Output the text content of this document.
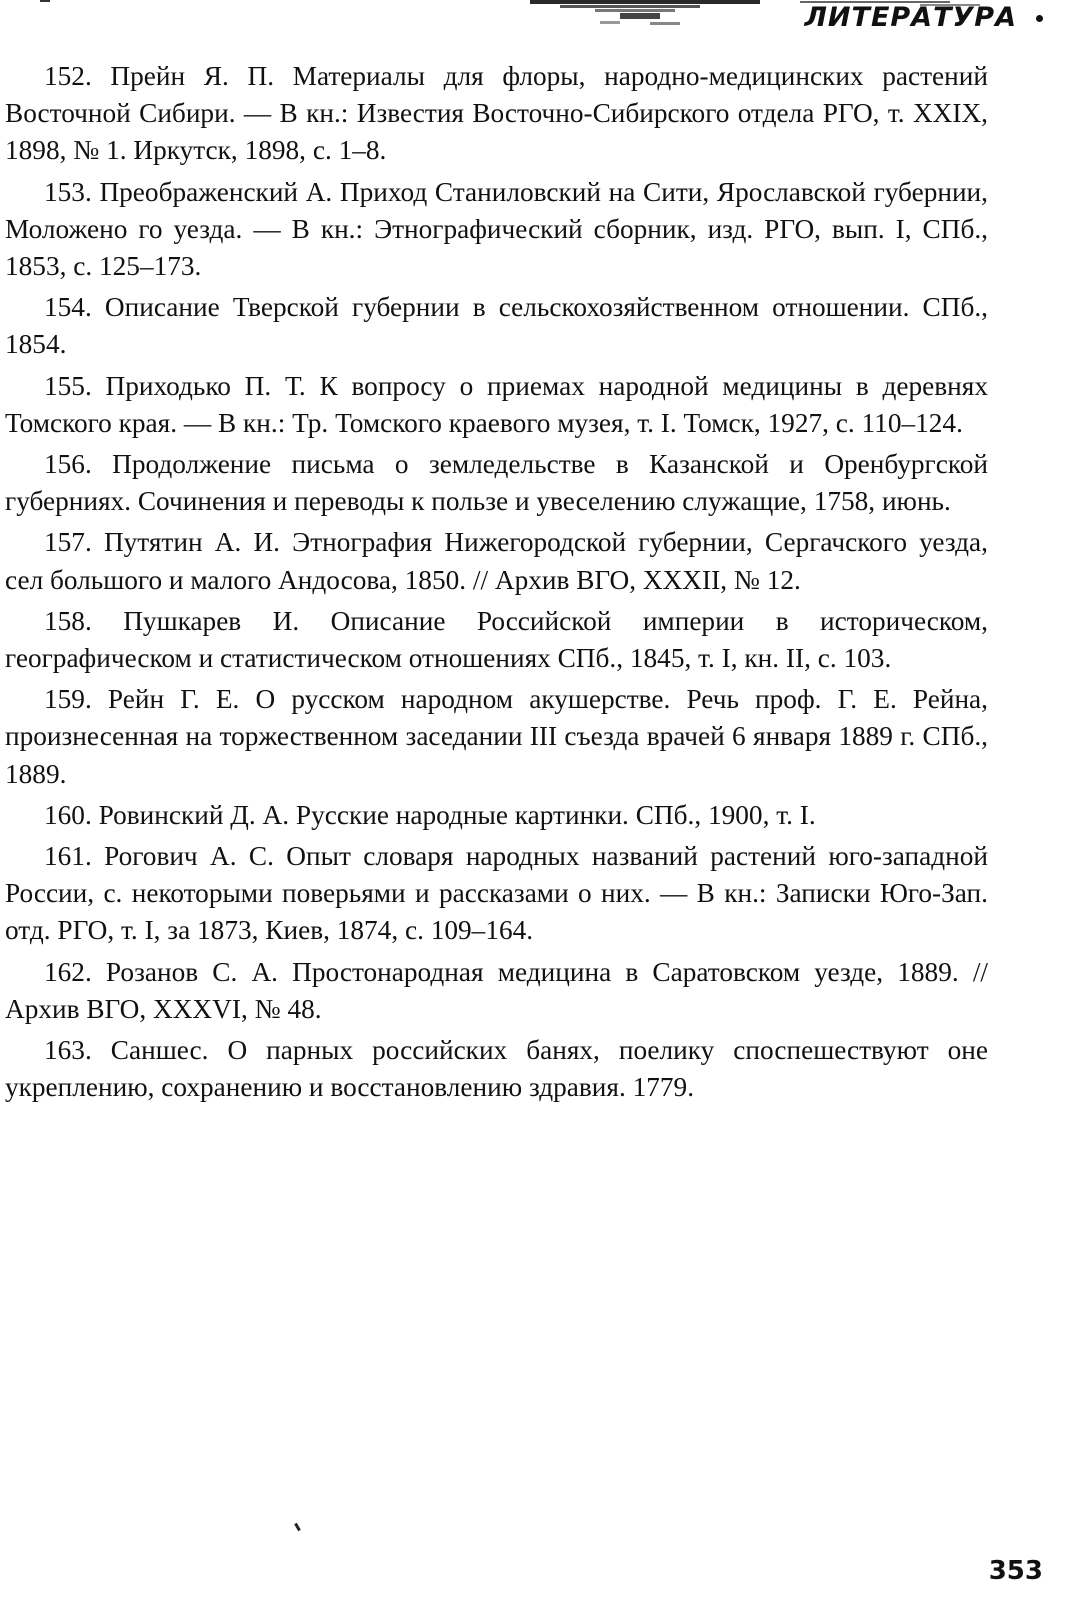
ЛИТЕРАТУРА

152. Прейн Я. П. Материалы для флоры, народно-медицинских растений Восточной Сибири. — В кн.: Известия Восточно-Сибирского отдела РГО, т. XXIX, 1898, № 1. Иркутск, 1898, с. 1–8.

153. Преображенский А. Приход Станиловский на Сити, Ярославской губернии, Моложено го уезда. — В кн.: Этнографический сборник, изд. РГО, вып. I, СПб., 1853, с. 125–173.

154. Описание Тверской губернии в сельскохозяйственном отношении. СПб., 1854.

155. Приходько П. Т. К вопросу о приемах народной медицины в деревнях Томского края. — В кн.: Тр. Томского краевого музея, т. I. Томск, 1927, с. 110–124.

156. Продолжение письма о земледельстве в Казанской и Оренбургской губерниях. Сочинения и переводы к пользе и увеселению служащие, 1758, июнь.

157. Путятин А. И. Этнография Нижегородской губернии, Сергачского уезда, сел большого и малого Андосова, 1850. // Архив ВГО, XXXII, № 12.

158. Пушкарев И. Описание Российской империи в историческом, географическом и статистическом отношениях СПб., 1845, т. I, кн. II, с. 103.

159. Рейн Г. Е. О русском народном акушерстве. Речь проф. Г. Е. Рейна, произнесенная на торжественном заседании III съезда врачей 6 января 1889 г. СПб., 1889.

160. Ровинский Д. А. Русские народные картинки. СПб., 1900, т. I.

161. Рогович А. С. Опыт словаря народных названий растений юго-западной России, с. некоторыми поверьями и рассказами о них. — В кн.: Записки Юго-Зап. отд. РГО, т. I, за 1873, Киев, 1874, с. 109–164.

162. Розанов С. А. Простонародная медицина в Саратовском уезде, 1889. // Архив ВГО, XXXVI, № 48.

163. Саншес. О парных российских банях, поелику споспешествуют оне укреплению, сохранению и восстановлению здравия. 1779.

353
